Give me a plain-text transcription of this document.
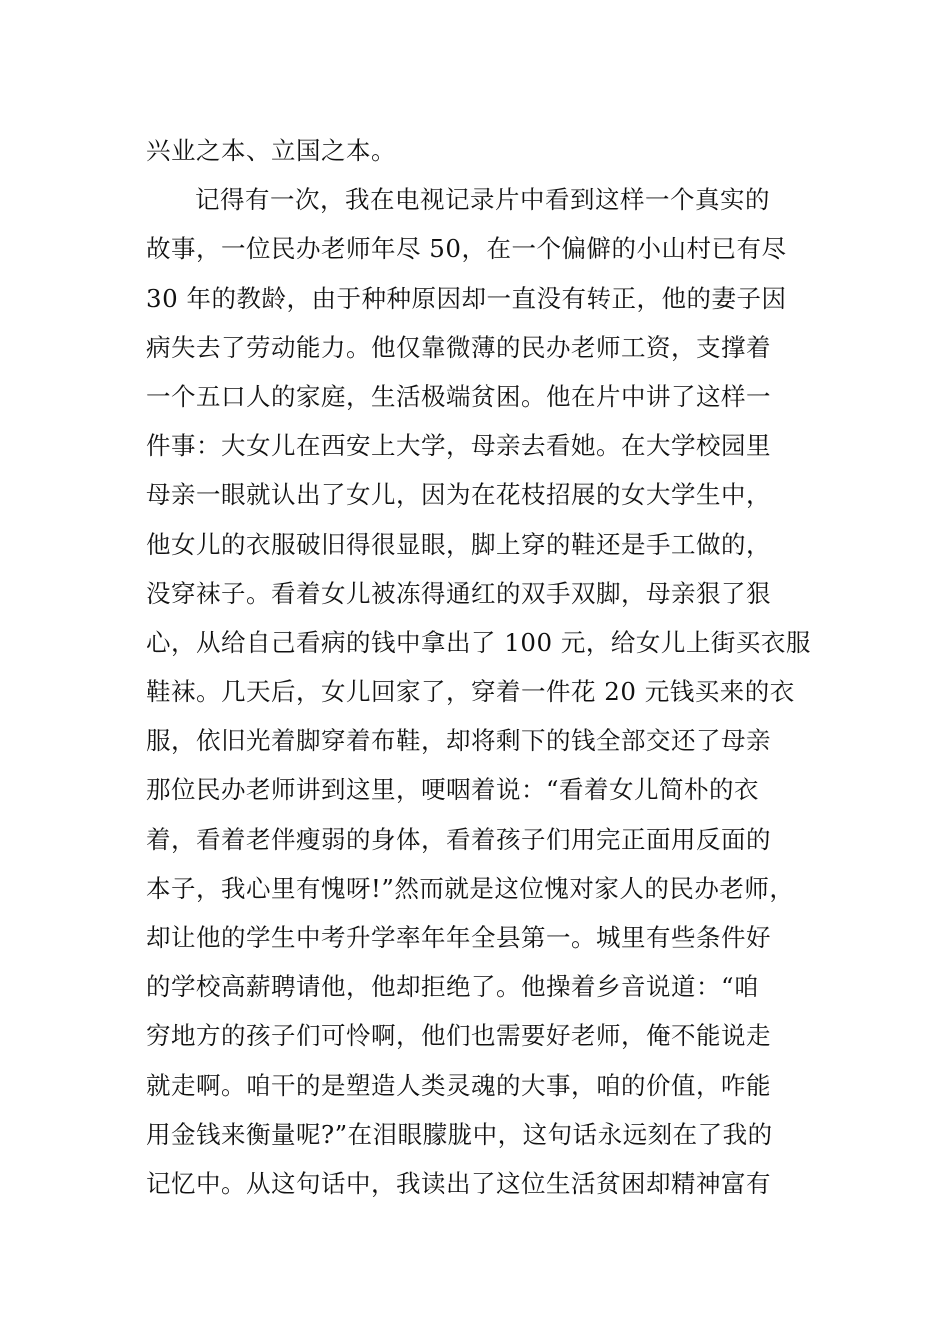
兴业之本、立国之本。
记得有一次，我在电视记录片中看到这样一个真实的
故事，一位民办老师年尽 50，在一个偏僻的小山村已有尽
30 年的教龄，由于种种原因却一直没有转正，他的妻子因
病失去了劳动能力。他仅靠微薄的民办老师工资，支撑着
一个五口人的家庭，生活极端贫困。他在片中讲了这样一
件事：大女儿在西安上大学，母亲去看她。在大学校园里
母亲一眼就认出了女儿，因为在花枝招展的女大学生中，
他女儿的衣服破旧得很显眼，脚上穿的鞋还是手工做的，
没穿袜子。看着女儿被冻得通红的双手双脚，母亲狠了狠
心，从给自己看病的钱中拿出了 100 元，给女儿上街买衣服
鞋袜。几天后，女儿回家了，穿着一件花 20 元钱买来的衣
服，依旧光着脚穿着布鞋，却将剩下的钱全部交还了母亲
那位民办老师讲到这里，哽咽着说：“看着女儿简朴的衣
着，看着老伴瘦弱的身体，看着孩子们用完正面用反面的
本子，我心里有愧呀!”然而就是这位愧对家人的民办老师，
却让他的学生中考升学率年年全县第一。城里有些条件好
的学校高薪聘请他，他却拒绝了。他操着乡音说道：“咱
穷地方的孩子们可怜啊，他们也需要好老师，俺不能说走
就走啊。咱干的是塑造人类灵魂的大事，咱的价值，咋能
用金钱来衡量呢?”在泪眼朦胧中，这句话永远刻在了我的
记忆中。从这句话中，我读出了这位生活贫困却精神富有
